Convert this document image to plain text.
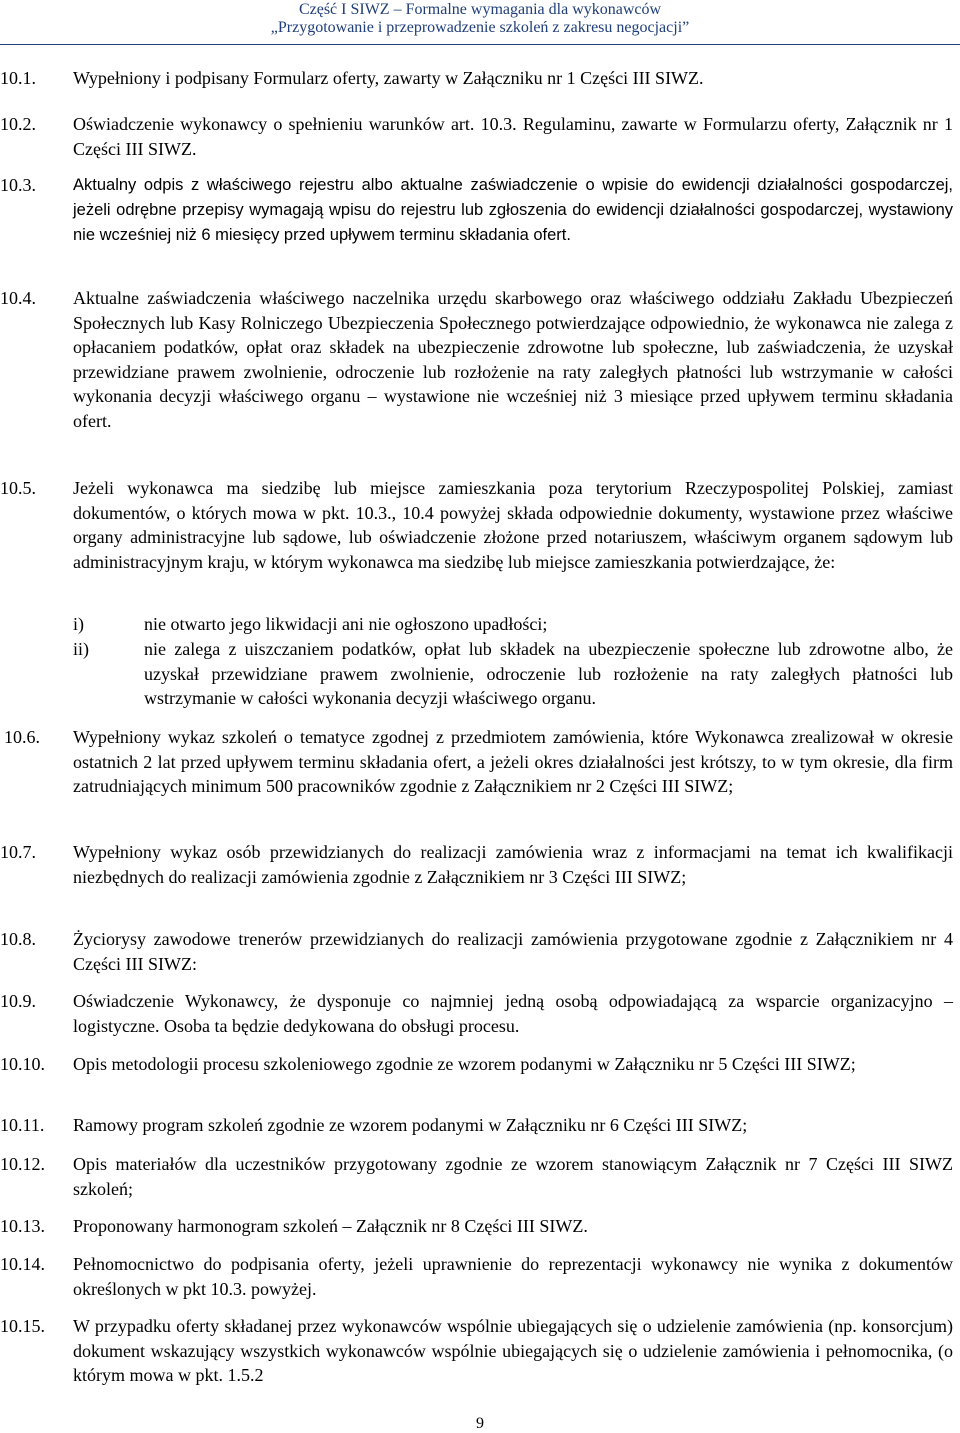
Część I SIWZ – Formalne wymagania dla wykonawców
„Przygotowanie i przeprowadzenie szkoleń z zakresu negocjacji”
10.1. Wypełniony i podpisany Formularz oferty, zawarty w Załączniku nr 1 Części III SIWZ.
10.2. Oświadczenie wykonawcy o spełnieniu warunków art. 10.3. Regulaminu, zawarte w Formularzu oferty, Załącznik nr 1 Części III SIWZ.
10.3. Aktualny odpis z właściwego rejestru albo aktualne zaświadczenie o wpisie do ewidencji działalności gospodarczej, jeżeli odrębne przepisy wymagają wpisu do rejestru lub zgłoszenia do ewidencji działalności gospodarczej, wystawiony nie wcześniej niż 6 miesięcy przed upływem terminu składania ofert.
10.4. Aktualne zaświadczenia właściwego naczelnika urzędu skarbowego oraz właściwego oddziału Zakładu Ubezpieczeń Społecznych lub Kasy Rolniczego Ubezpieczenia Społecznego potwierdzające odpowiednio, że wykonawca nie zalega z opłacaniem podatków, opłat oraz składek na ubezpieczenie zdrowotne lub społeczne, lub zaświadczenia, że uzyskał przewidziane prawem zwolnienie, odroczenie lub rozłożenie na raty zaległych płatności lub wstrzymanie w całości wykonania decyzji właściwego organu – wystawione nie wcześniej niż 3 miesiące przed upływem terminu składania ofert.
10.5. Jeżeli wykonawca ma siedzibę lub miejsce zamieszkania poza terytorium Rzeczypospolitej Polskiej, zamiast dokumentów, o których mowa w pkt. 10.3., 10.4 powyżej składa odpowiednie dokumenty, wystawione przez właściwe organy administracyjne lub sądowe, lub oświadczenie złożone przed notariuszem, właściwym organem sądowym lub administracyjnym kraju, w którym wykonawca ma siedzibę lub miejsce zamieszkania potwierdzające, że:
i)	nie otwarto jego likwidacji ani nie ogłoszono upadłości;
ii)	nie zalega z uiszczaniem podatków, opłat lub składek na ubezpieczenie społeczne lub zdrowotne albo, że uzyskał przewidziane prawem zwolnienie, odroczenie lub rozłożenie na raty zaległych płatności lub wstrzymanie w całości wykonania decyzji właściwego organu.
10.6. Wypełniony wykaz szkoleń o tematyce zgodnej z przedmiotem zamówienia, które Wykonawca zrealizował w okresie ostatnich 2 lat przed upływem terminu składania ofert, a jeżeli okres działalności jest krótszy, to w tym okresie, dla firm zatrudniających minimum 500 pracowników zgodnie z Załącznikiem nr 2 Części III SIWZ;
10.7. Wypełniony wykaz osób przewidzianych do realizacji zamówienia wraz z informacjami na temat ich kwalifikacji niezbędnych do realizacji zamówienia zgodnie z Załącznikiem nr 3 Części III SIWZ;
10.8. Życiorysy zawodowe trenerów przewidzianych do realizacji zamówienia przygotowane zgodnie z Załącznikiem nr 4 Części III SIWZ:
10.9. Oświadczenie Wykonawcy, że dysponuje co najmniej jedną osobą odpowiadającą za wsparcie organizacyjno – logistyczne. Osoba ta będzie dedykowana do obsługi procesu.
10.10. Opis metodologii procesu szkoleniowego zgodnie ze wzorem podanymi w Załączniku nr 5 Części III SIWZ;
10.11. Ramowy program szkoleń zgodnie ze wzorem podanymi w Załączniku nr 6 Części III SIWZ;
10.12. Opis materiałów dla uczestników przygotowany zgodnie ze wzorem stanowiącym Załącznik nr 7 Części III SIWZ szkoleń;
10.13. Proponowany harmonogram szkoleń – Załącznik nr 8 Części III SIWZ.
10.14. Pełnomocnictwo do podpisania oferty, jeżeli uprawnienie do reprezentacji wykonawcy nie wynika z dokumentów określonych w pkt 10.3. powyżej.
10.15. W przypadku oferty składanej przez wykonawców wspólnie ubiegających się o udzielenie zamówienia (np. konsorcjum) dokument wskazujący wszystkich wykonawców wspólnie ubiegających się o udzielenie zamówienia i pełnomocnika, (o którym mowa w pkt. 1.5.2
9
